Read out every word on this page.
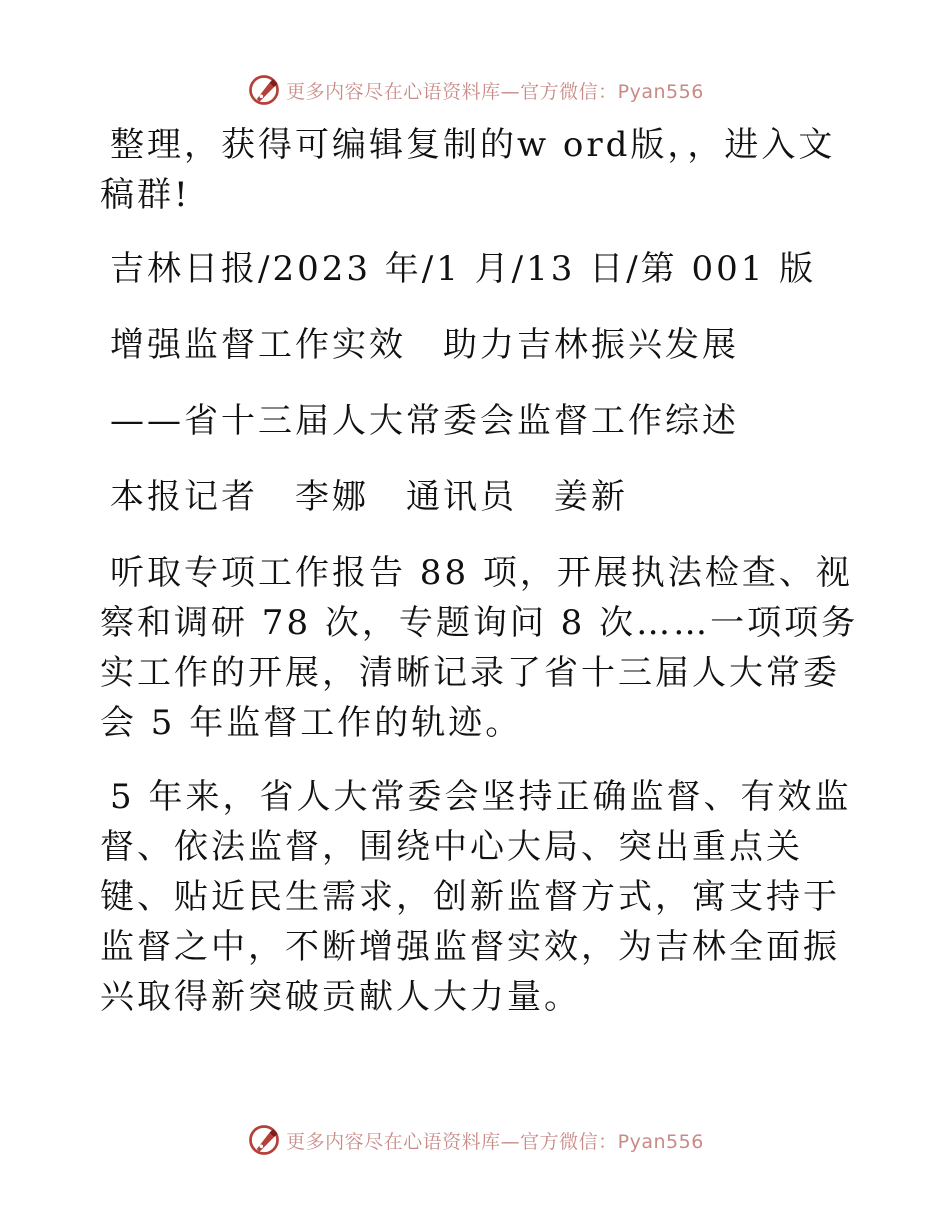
更多内容尽在心语资料库—官方微信：Pyan556

整理，获得可编辑复制的w ord版，，进入文稿群!

吉林日报/2023 年/1 月/13 日/第 001 版

增强监督工作实效　助力吉林振兴发展

——省十三届人大常委会监督工作综述

本报记者　李娜　通讯员　姜新

听取专项工作报告 88 项，开展执法检查、视察和调研 78 次，专题询问 8 次……一项项务实工作的开展，清晰记录了省十三届人大常委会 5 年监督工作的轨迹。

5 年来，省人大常委会坚持正确监督、有效监督、依法监督，围绕中心大局、突出重点关键、贴近民生需求，创新监督方式，寓支持于监督之中，不断增强监督实效，为吉林全面振兴取得新突破贡献人大力量。

更多内容尽在心语资料库—官方微信：Pyan556
